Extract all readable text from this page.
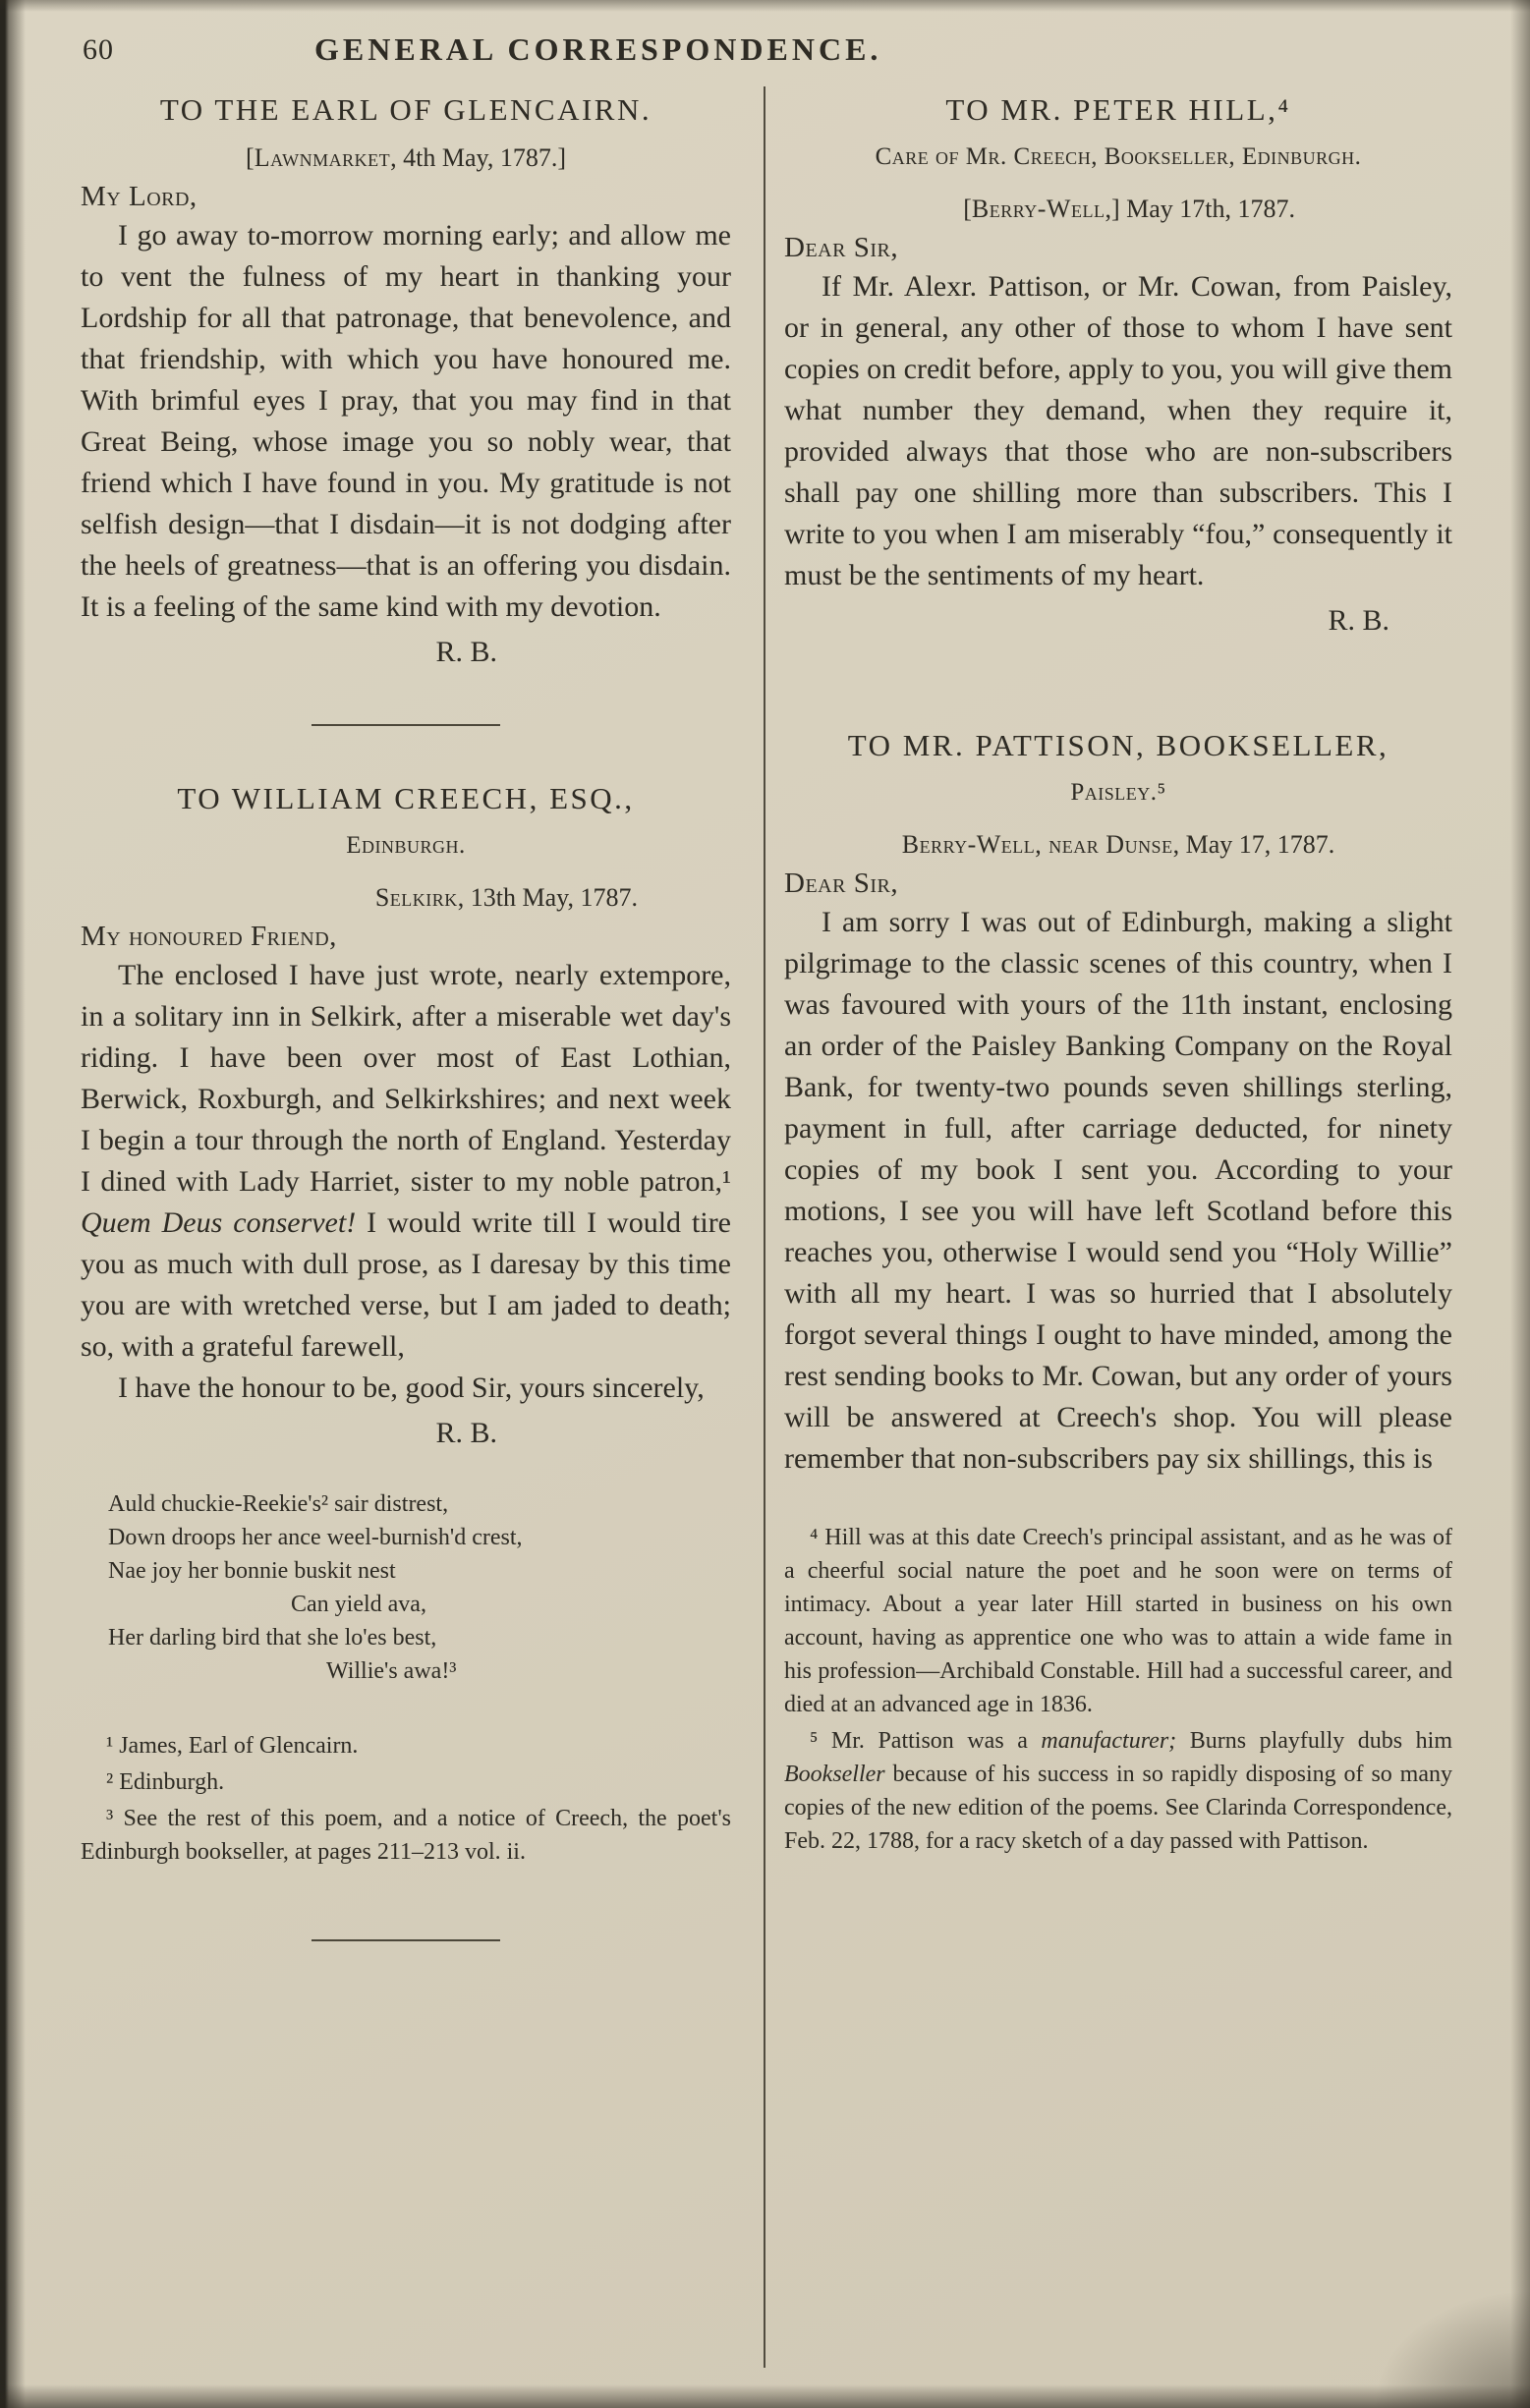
60	GENERAL CORRESPONDENCE.
TO THE EARL OF GLENCAIRN.

[Lawnmarket, 4th May, 1787.]

My Lord,

I go away to-morrow morning early; and allow me to vent the fulness of my heart in thanking your Lordship for all that patronage, that benevolence, and that friendship, with which you have honoured me. With brimful eyes I pray, that you may find in that Great Being, whose image you so nobly wear, that friend which I have found in you. My gratitude is not selfish design—that I disdain—it is not dodging after the heels of greatness—that is an offering you disdain. It is a feeling of the same kind with my devotion.

R. B.

TO WILLIAM CREECH, ESQ.,

Edinburgh.

Selkirk, 13th May, 1787.

My honoured Friend,

The enclosed I have just wrote, nearly extempore, in a solitary inn in Selkirk, after a miserable wet day's riding. I have been over most of East Lothian, Berwick, Roxburgh, and Selkirkshires; and next week I begin a tour through the north of England. Yesterday I dined with Lady Harriet, sister to my noble patron,¹ Quem Deus conservet! I would write till I would tire you as much with dull prose, as I daresay by this time you are with wretched verse, but I am jaded to death; so, with a grateful farewell,

I have the honour to be, good Sir, yours sincerely,

R. B.

Auld chuckie-Reekie's² sair distrest,

Down droops her ance weel-burnish'd crest,

Nae joy her bonnie buskit nest

Can yield ava,

Her darling bird that she lo'es best,

Willie's awa!³

¹ James, Earl of Glencairn.

² Edinburgh.

³ See the rest of this poem, and a notice of Creech, the poet's Edinburgh bookseller, at pages 211–213 vol. ii.

TO MR. PETER HILL,⁴

Care of Mr. Creech, Bookseller, Edinburgh.

[Berry-Well,] May 17th, 1787.

Dear Sir,

If Mr. Alexr. Pattison, or Mr. Cowan, from Paisley, or in general, any other of those to whom I have sent copies on credit before, apply to you, you will give them what number they demand, when they require it, provided always that those who are non-subscribers shall pay one shilling more than subscribers. This I write to you when I am miserably “fou,” consequently it must be the sentiments of my heart.

R. B.

TO MR. PATTISON, BOOKSELLER,

Paisley.⁵

Berry-Well, near Dunse, May 17, 1787.

Dear Sir,

I am sorry I was out of Edinburgh, making a slight pilgrimage to the classic scenes of this country, when I was favoured with yours of the 11th instant, enclosing an order of the Paisley Banking Company on the Royal Bank, for twenty-two pounds seven shillings sterling, payment in full, after carriage deducted, for ninety copies of my book I sent you. According to your motions, I see you will have left Scotland before this reaches you, otherwise I would send you “Holy Willie” with all my heart. I was so hurried that I absolutely forgot several things I ought to have minded, among the rest sending books to Mr. Cowan, but any order of yours will be answered at Creech's shop. You will please remember that non-subscribers pay six shillings, this is

⁴ Hill was at this date Creech's principal assistant, and as he was of a cheerful social nature the poet and he soon were on terms of intimacy. About a year later Hill started in business on his own account, having as apprentice one who was to attain a wide fame in his profession—Archibald Constable. Hill had a successful career, and died at an advanced age in 1836.

⁵ Mr. Pattison was a manufacturer; Burns playfully dubs him Bookseller because of his success in so rapidly disposing of so many copies of the new edition of the poems. See Clarinda Correspondence, Feb. 22, 1788, for a racy sketch of a day passed with Pattison.
